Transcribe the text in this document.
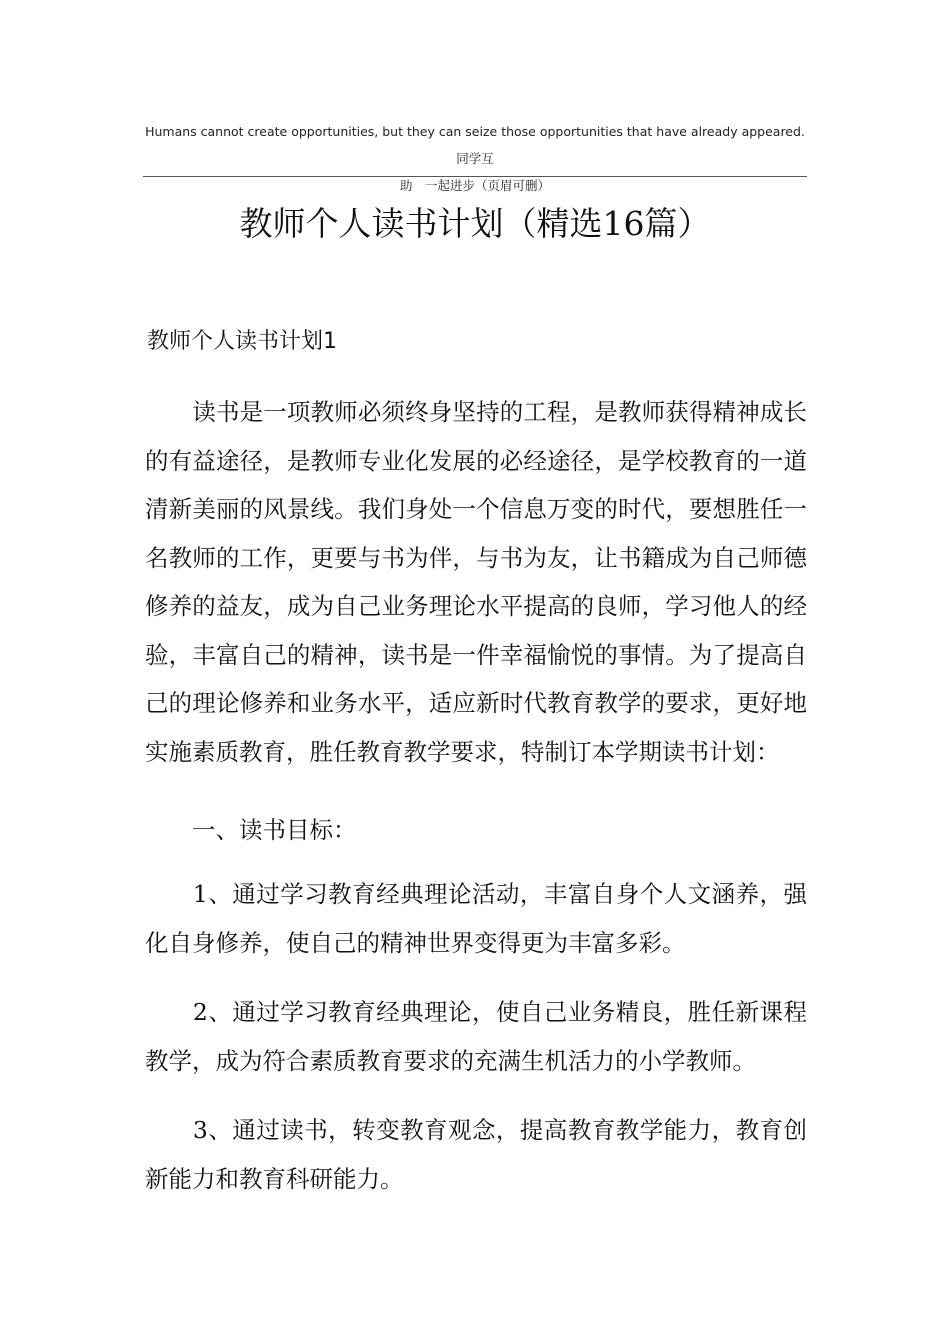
Humans cannot create opportunities, but they can seize those opportunities that have already appeared.同学互
助　一起进步（页眉可删）
教师个人读书计划（精选16篇）
教师个人读书计划1
　　读书是一项教师必须终身坚持的工程，是教师获得精神成长
的有益途径，是教师专业化发展的必经途径，是学校教育的一道
清新美丽的风景线。我们身处一个信息万变的时代，要想胜任一
名教师的工作，更要与书为伴，与书为友，让书籍成为自己师德
修养的益友，成为自己业务理论水平提高的良师，学习他人的经
验，丰富自己的精神，读书是一件幸福愉悦的事情。为了提高自
己的理论修养和业务水平，适应新时代教育教学的要求，更好地
实施素质教育，胜任教育教学要求，特制订本学期读书计划：
　　一、读书目标：
　　1、通过学习教育经典理论活动，丰富自身个人文涵养，强
化自身修养，使自己的精神世界变得更为丰富多彩。
　　2、通过学习教育经典理论，使自己业务精良，胜任新课程
教学，成为符合素质教育要求的充满生机活力的小学教师。
　　3、通过读书，转变教育观念，提高教育教学能力，教育创
新能力和教育科研能力。
